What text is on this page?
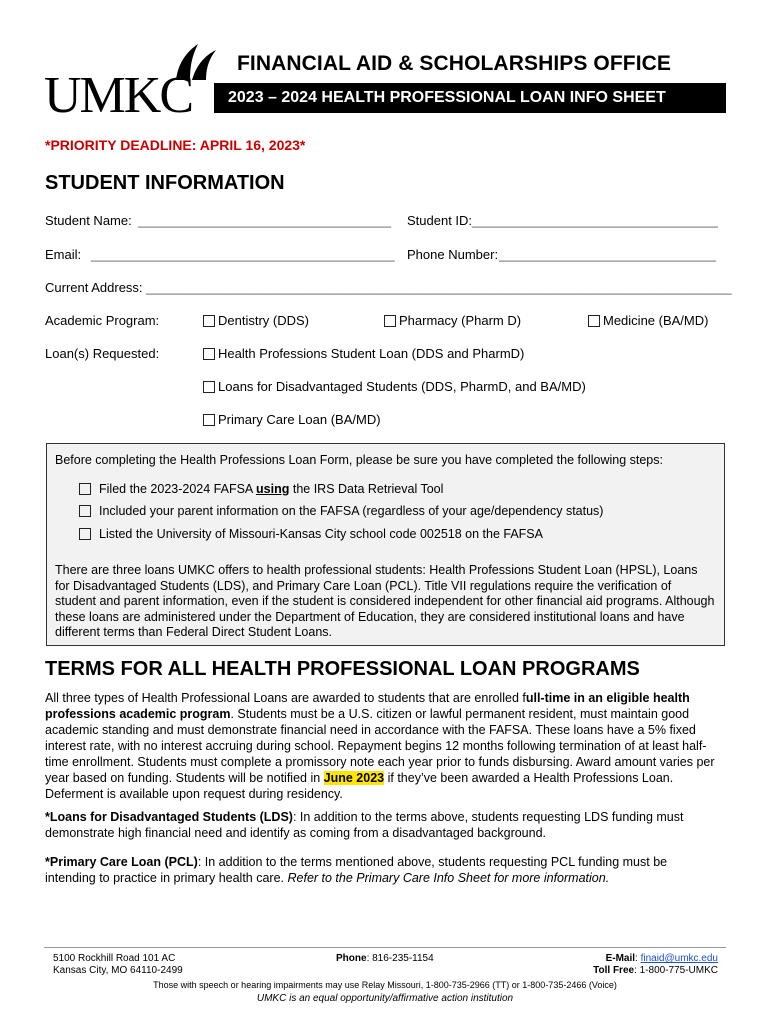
UMKC
FINANCIAL AID & SCHOLARSHIPS OFFICE
2023 – 2024 HEALTH PROFESSIONAL LOAN INFO SHEET
*PRIORITY DEADLINE: APRIL 16, 2023*
STUDENT INFORMATION
Student Name: ___________________________________ Student ID: __________________________________
Email: __________________________________________ Phone Number: ______________________________
Current Address: _________________________________________________________________________________
Academic Program:	Dentistry (DDS)	Pharmacy (Pharm D)	Medicine (BA/MD)
Loan(s) Requested:	Health Professions Student Loan (DDS and PharmD)
Loans for Disadvantaged Students (DDS, PharmD, and BA/MD)
Primary Care Loan (BA/MD)
Before completing the Health Professions Loan Form, please be sure you have completed the following steps:
Filed the 2023-2024 FAFSA using the IRS Data Retrieval Tool
Included your parent information on the FAFSA (regardless of your age/dependency status)
Listed the University of Missouri-Kansas City school code 002518 on the FAFSA
There are three loans UMKC offers to health professional students: Health Professions Student Loan (HPSL), Loans for Disadvantaged Students (LDS), and Primary Care Loan (PCL). Title VII regulations require the verification of student and parent information, even if the student is considered independent for other financial aid programs. Although these loans are administered under the Department of Education, they are considered institutional loans and have different terms than Federal Direct Student Loans.
TERMS FOR ALL HEALTH PROFESSIONAL LOAN PROGRAMS
All three types of Health Professional Loans are awarded to students that are enrolled full-time in an eligible health professions academic program. Students must be a U.S. citizen or lawful permanent resident, must maintain good academic standing and must demonstrate financial need in accordance with the FAFSA. These loans have a 5% fixed interest rate, with no interest accruing during school. Repayment begins 12 months following termination of at least half-time enrollment. Students must complete a promissory note each year prior to funds disbursing. Award amount varies per year based on funding. Students will be notified in June 2023 if they’ve been awarded a Health Professions Loan. Deferment is available upon request during residency.
*Loans for Disadvantaged Students (LDS): In addition to the terms above, students requesting LDS funding must demonstrate high financial need and identify as coming from a disadvantaged background.
*Primary Care Loan (PCL): In addition to the terms mentioned above, students requesting PCL funding must be intending to practice in primary health care. Refer to the Primary Care Info Sheet for more information.
5100 Rockhill Road 101 AC
Kansas City, MO 64110-2499
Phone: 816-235-1154	E-Mail: finaid@umkc.edu
Toll Free: 1-800-775-UMKC
Those with speech or hearing impairments may use Relay Missouri, 1-800-735-2966 (TT) or 1-800-735-2466 (Voice)
UMKC is an equal opportunity/affirmative action institution
